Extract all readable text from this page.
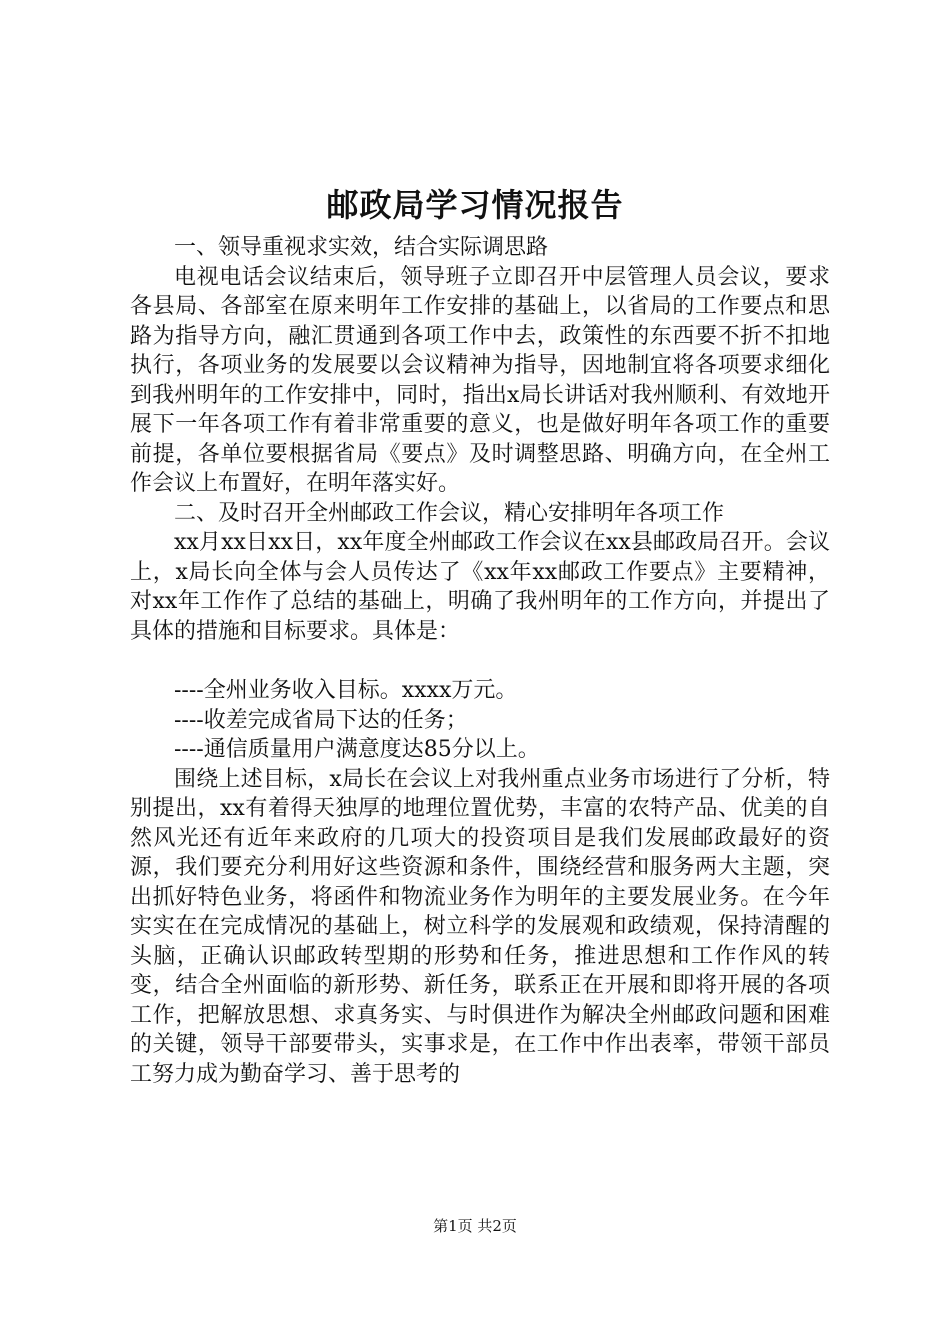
邮政局学习情况报告

一、领导重视求实效，结合实际调思路

电视电话会议结束后，领导班子立即召开中层管理人员会议，要求各县局、各部室在原来明年工作安排的基础上，以省局的工作要点和思路为指导方向，融汇贯通到各项工作中去，政策性的东西要不折不扣地执行，各项业务的发展要以会议精神为指导，因地制宜将各项要求细化到我州明年的工作安排中，同时，指出x局长讲话对我州顺利、有效地开展下一年各项工作有着非常重要的意义，也是做好明年各项工作的重要前提，各单位要根据省局《要点》及时调整思路、明确方向，在全州工作会议上布置好，在明年落实好。

二、及时召开全州邮政工作会议，精心安排明年各项工作

xx月xx日xx日，xx年度全州邮政工作会议在xx县邮政局召开。会议上，x局长向全体与会人员传达了《xx年xx邮政工作要点》主要精神，对xx年工作作了总结的基础上，明确了我州明年的工作方向，并提出了具体的措施和目标要求。具体是：

----全州业务收入目标。xxxx万元。

----收差完成省局下达的任务；

----通信质量用户满意度达85分以上。

围绕上述目标，x局长在会议上对我州重点业务市场进行了分析，特别提出，xx有着得天独厚的地理位置优势，丰富的农特产品、优美的自然风光还有近年来政府的几项大的投资项目是我们发展邮政最好的资源，我们要充分利用好这些资源和条件，围绕经营和服务两大主题，突出抓好特色业务，将函件和物流业务作为明年的主要发展业务。在今年实实在在完成情况的基础上，树立科学的发展观和政绩观，保持清醒的头脑，正确认识邮政转型期的形势和任务，推进思想和工作作风的转变，结合全州面临的新形势、新任务，联系正在开展和即将开展的各项工作，把解放思想、求真务实、与时俱进作为解决全州邮政问题和困难的关键，领导干部要带头，实事求是，在工作中作出表率，带领干部员工努力成为勤奋学习、善于思考的

第1页 共2页
